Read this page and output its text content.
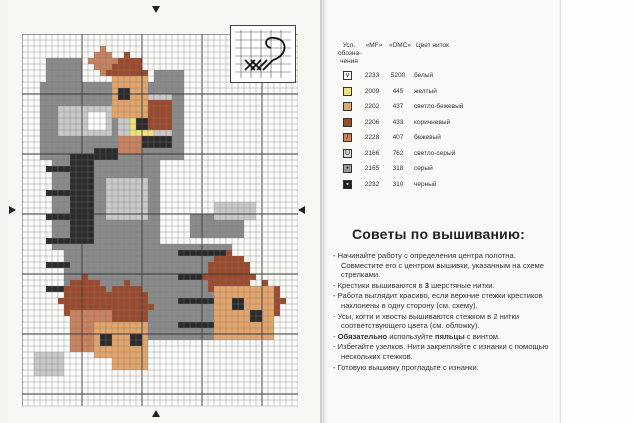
Усл. обозна-чения
«MF»	«DMC» Цвет ниток
v	2233	5200	белый
2009	445	желтый
2202	437	светло-бежевый
2206	433	коричневый
/	2228	407	бежевый
U	2166	762	светло-серый
•	2165	318	серый
▪	2232	310	черный
Советы по вышиванию:
- Начинайте работу с определения центра полотна. Совместите его с центром вышивки, указанным на схеме стрелками.
- Крестики вышиваются в 3 шерстяные нитки.
- Работа выглядит красиво, если верхние стежки крестиков наклонены в одну сторону (см. схему).
- Усы, когти и хвосты вышиваются стежком в 2 нитки соответствующего цвета (см. обложку).
- Обязательно используйте пяльцы с винтом.
- Избегайте узелков. Нити закрепляйте с изнанки с помощью нескольких стежков.
- Готовую вышивку прогладьте с изнанки.
